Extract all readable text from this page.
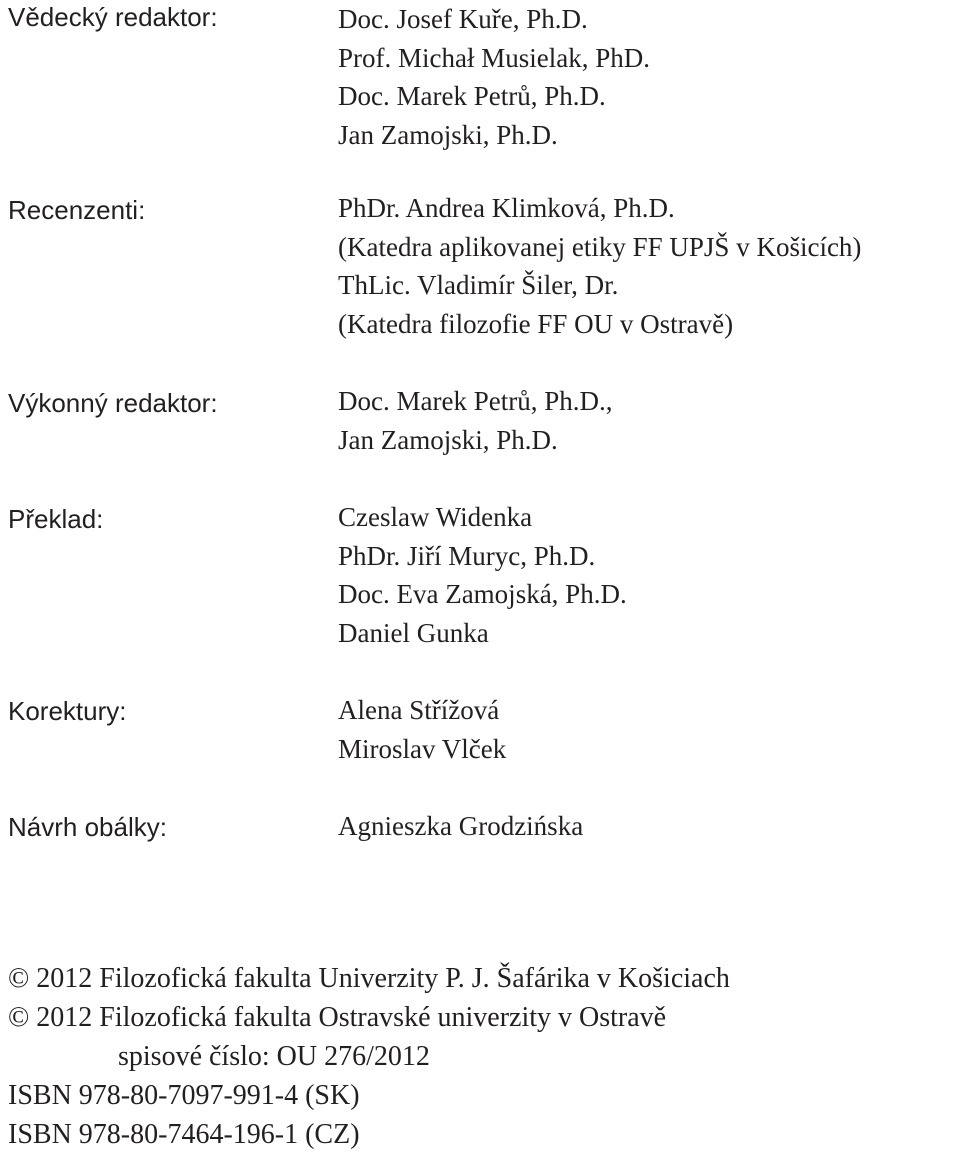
Vědecký redaktor:	Doc. Josef Kuře, Ph.D.
Prof. Michał Musielak, PhD.
Doc. Marek Petrů, Ph.D.
Jan Zamojski, Ph.D.
Recenzenti:	PhDr. Andrea Klimková, Ph.D.
(Katedra aplikovanej etiky FF UPJŠ v Košicích)
ThLic. Vladimír Šiler, Dr.
(Katedra filozofie FF OU v Ostravě)
Výkonný redaktor:	Doc. Marek Petrů, Ph.D.,
Jan Zamojski, Ph.D.
Překlad:	Czeslaw Widenka
PhDr. Jiří Muryc, Ph.D.
Doc. Eva Zamojská, Ph.D.
Daniel Gunka
Korektury:	Alena Střížová
Miroslav Vlček
Návrh obálky:	Agnieszka Grodzińska
© 2012 Filozofická fakulta Univerzity P. J. Šafárika v Košiciach
© 2012 Filozofická fakulta Ostravské univerzity v Ostravě
spisové číslo: OU 276/2012
ISBN 978-80-7097-991-4 (SK)
ISBN 978-80-7464-196-1 (CZ)
